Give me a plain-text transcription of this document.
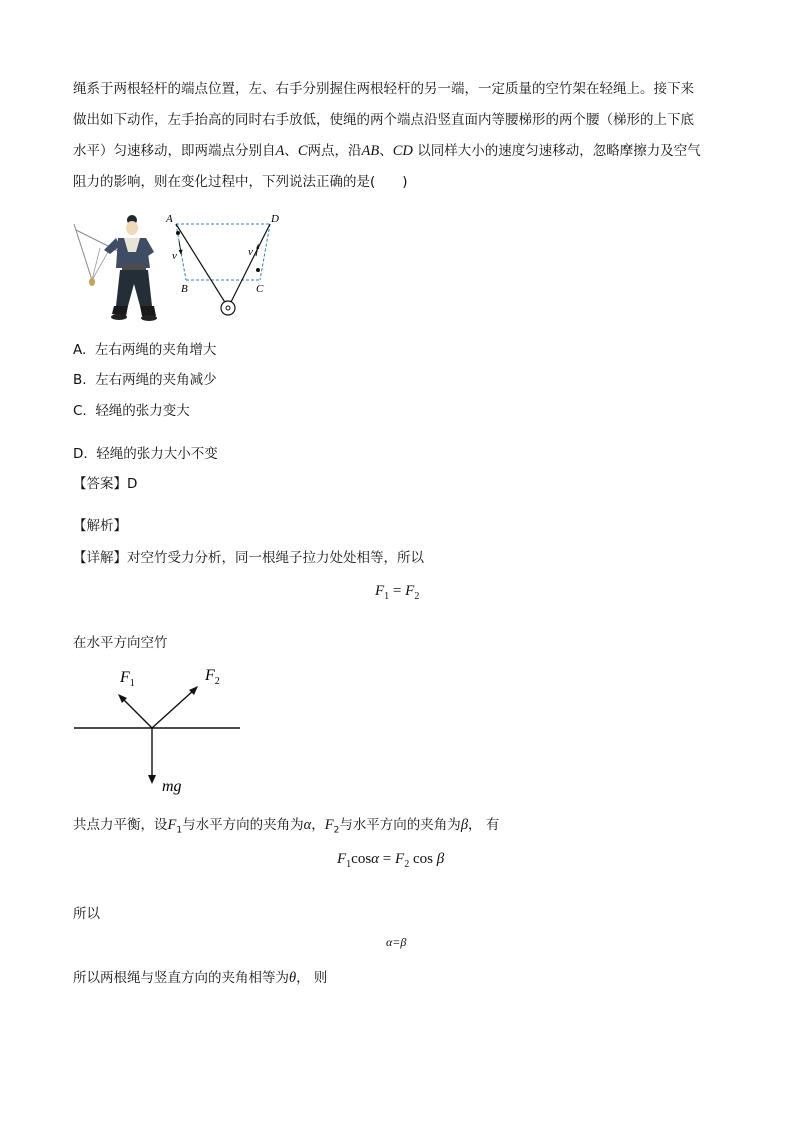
绳系于两根轻杆的端点位置，左、右手分别握住两根轻杆的另一端，一定质量的空竹架在轻绳上。接下来
做出如下动作，左手抬高的同时右手放低，使绳的两个端点沿竖直面内等腰梯形的两个腰（梯形的上下底
水平）匀速移动，即两端点分别自A、C两点，沿AB、CD 以同样大小的速度匀速移动，忽略摩擦力及空气
阻力的影响，则在变化过程中，下列说法正确的是(　　)
A	D
B	C
v	v
A. 左右两绳的夹角增大
B. 左右两绳的夹角减少
C. 轻绳的张力变大
D. 轻绳的张力大小不变
【答案】D
【解析】
【详解】对空竹受力分析，同一根绳子拉力处处相等，所以
$F_1 = F_2$
在水平方向空竹
$F_1$	$F_2$
mg
共点力平衡，设$F_1$与水平方向的夹角为α，$F_2$与水平方向的夹角为β， 有
$F_1\cos\alpha = F_2$ cos β
所以
α=β
所以两根绳与竖直方向的夹角相等为θ， 则
